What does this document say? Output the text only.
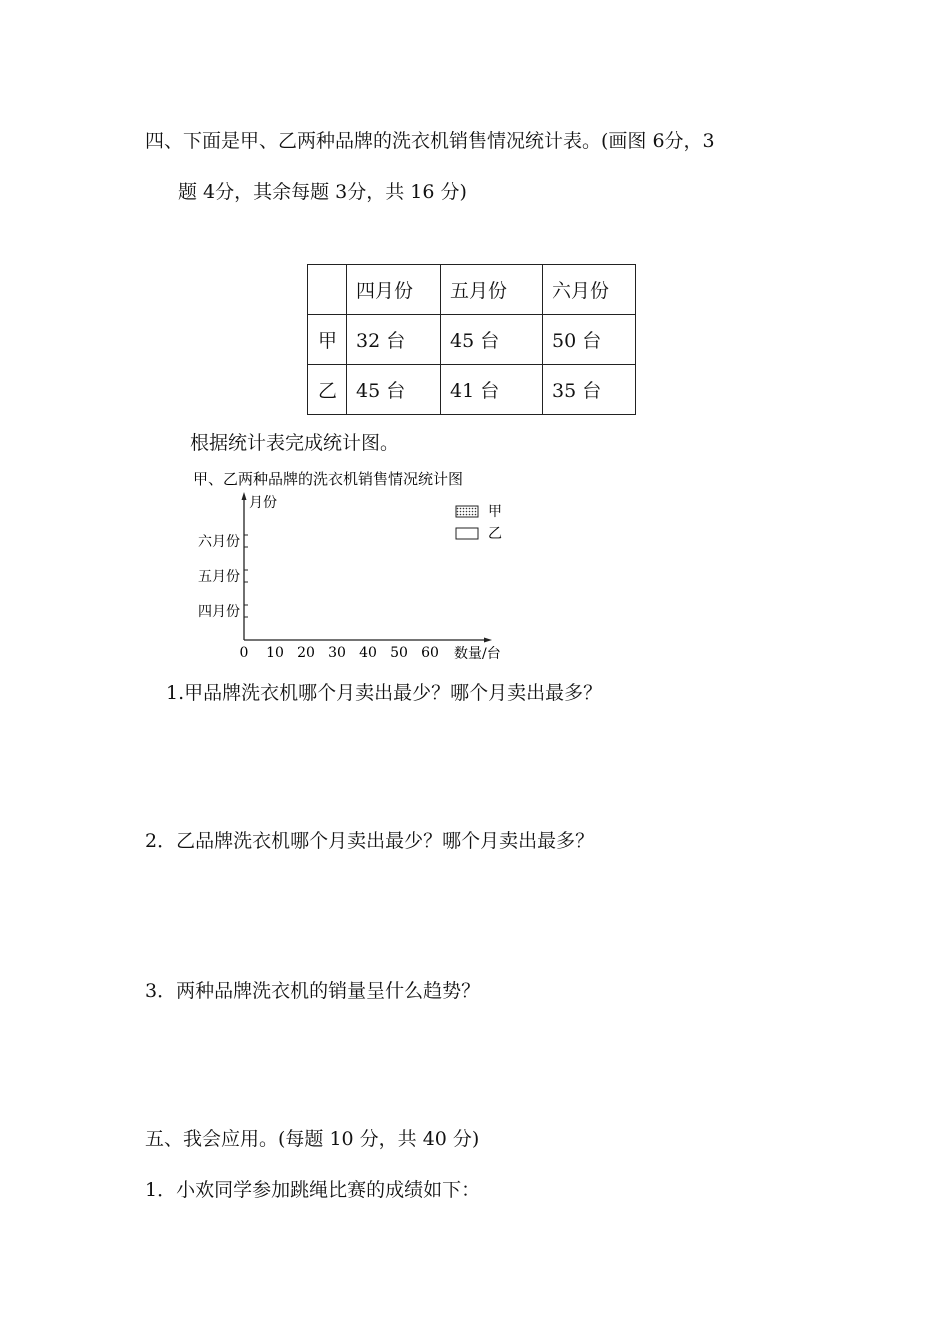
四、下面是甲、乙两种品牌的洗衣机销售情况统计表。(画图 6分，3
题 4分，其余每题 3分，共 16 分)
	四月份	五月份	六月份
甲	32 台	45 台	50 台
乙	45 台	41 台	35 台
根据统计表完成统计图。
甲、乙两种品牌的洗衣机销售情况统计图
月份
数量/台
四月份
五月份
六月份
0 10 20 30 40 50 60
甲
乙
1.甲品牌洗衣机哪个月卖出最少？哪个月卖出最多？
2．乙品牌洗衣机哪个月卖出最少？哪个月卖出最多？
3．两种品牌洗衣机的销量呈什么趋势？
五、我会应用。(每题 10 分，共 40 分)
1．小欢同学参加跳绳比赛的成绩如下：
